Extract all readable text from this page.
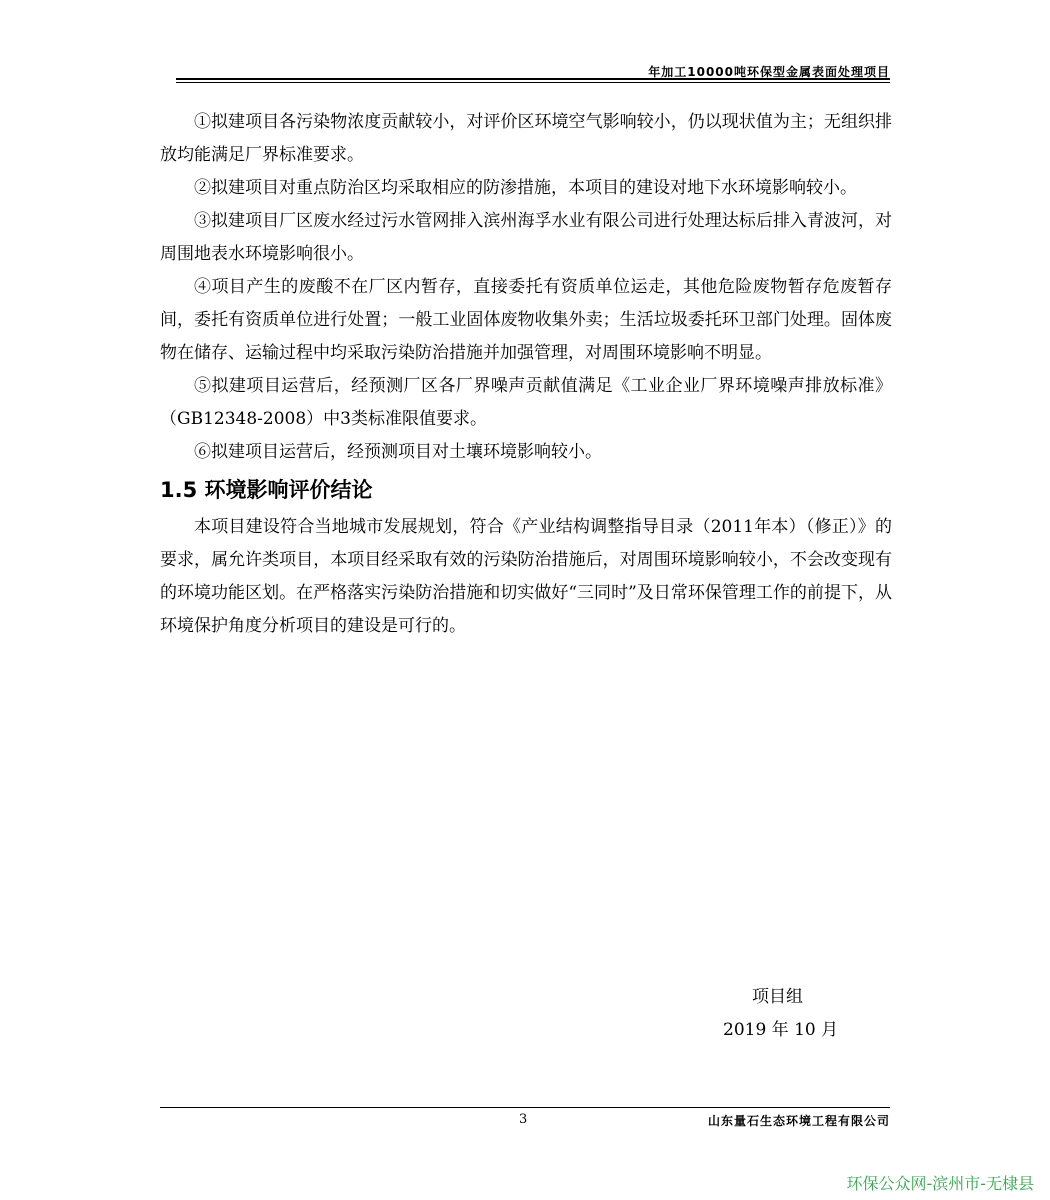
年加工10000吨环保型金属表面处理项目

①拟建项目各污染物浓度贡献较小，对评价区环境空气影响较小，仍以现状值为主；无组织排放均能满足厂界标准要求。

②拟建项目对重点防治区均采取相应的防渗措施，本项目的建设对地下水环境影响较小。

③拟建项目厂区废水经过污水管网排入滨州海孚水业有限公司进行处理达标后排入青波河，对周围地表水环境影响很小。

④项目产生的废酸不在厂区内暂存，直接委托有资质单位运走，其他危险废物暂存危废暂存间，委托有资质单位进行处置；一般工业固体废物收集外卖；生活垃圾委托环卫部门处理。固体废物在储存、运输过程中均采取污染防治措施并加强管理，对周围环境影响不明显。

⑤拟建项目运营后，经预测厂区各厂界噪声贡献值满足《工业企业厂界环境噪声排放标准》（GB12348-2008）中3类标准限值要求。

⑥拟建项目运营后，经预测项目对土壤环境影响较小。

1.5 环境影响评价结论

本项目建设符合当地城市发展规划，符合《产业结构调整指导目录（2011年本）（修正）》的要求，属允许类项目，本项目经采取有效的污染防治措施后，对周围环境影响较小，不会改变现有的环境功能区划。在严格落实污染防治措施和切实做好“三同时”及日常环保管理工作的前提下，从环境保护角度分析项目的建设是可行的。

项目组
2019 年 10 月
3	山东量石生态环境工程有限公司
环保公众网-滨州市-无棣县
